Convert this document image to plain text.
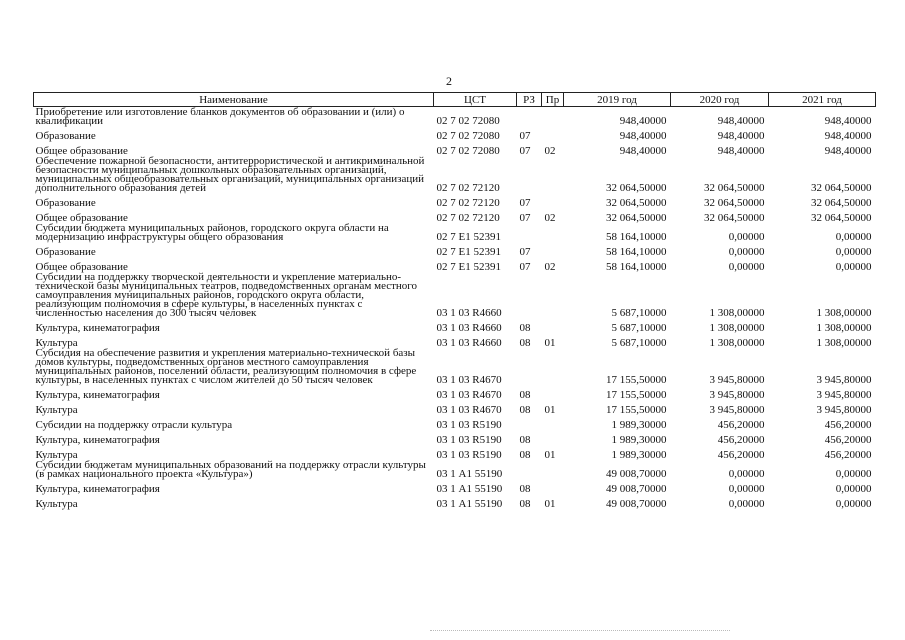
2
Наименование	ЦСТ	РЗ	Пр	2019 год	2020 год	2021 год
Приобретение или изготовление бланков документов об образовании и (или) о квалификации	02 7 02 72080			948,40000	948,40000	948,40000
Образование	02 7 02 72080	07		948,40000	948,40000	948,40000
Общее образование	02 7 02 72080	07	02	948,40000	948,40000	948,40000
Обеспечение пожарной безопасности, антитеррористической и антикриминальной безопасности муниципальных дошкольных образовательных организаций, муниципальных общеобразовательных организаций, муниципальных организаций дополнительного образования детей	02 7 02 72120			32 064,50000	32 064,50000	32 064,50000
Образование	02 7 02 72120	07		32 064,50000	32 064,50000	32 064,50000
Общее образование	02 7 02 72120	07	02	32 064,50000	32 064,50000	32 064,50000
Субсидии бюджета муниципальных районов, городского округа области на модернизацию инфраструктуры общего образования	02 7 Е1 52391			58 164,10000	0,00000	0,00000
Образование	02 7 Е1 52391	07		58 164,10000	0,00000	0,00000
Общее образование	02 7 Е1 52391	07	02	58 164,10000	0,00000	0,00000
Субсидии на поддержку творческой деятельности и укрепление материально-технической базы муниципальных театров, подведомственных органам местного самоуправления муниципальных районов, городского округа области, реализующим полномочия в сфере культуры, в населенных пунктах с численностью населения до 300 тысяч человек	03 1 03 R4660			5 687,10000	1 308,00000	1 308,00000
Культура, кинематография	03 1 03 R4660	08		5 687,10000	1 308,00000	1 308,00000
Культура	03 1 03 R4660	08	01	5 687,10000	1 308,00000	1 308,00000
Субсидия на обеспечение развития и укрепления материально-технической базы домов культуры, подведомственных органов местного самоуправления муниципальных районов, поселений области, реализующим полномочия в сфере культуры, в населенных пунктах с числом жителей до 50 тысяч человек	03 1 03 R4670			17 155,50000	3 945,80000	3 945,80000
Культура, кинематография	03 1 03 R4670	08		17 155,50000	3 945,80000	3 945,80000
Культура	03 1 03 R4670	08	01	17 155,50000	3 945,80000	3 945,80000
Субсидии на поддержку отрасли культура	03 1 03 R5190			1 989,30000	456,20000	456,20000
Культура, кинематография	03 1 03 R5190	08		1 989,30000	456,20000	456,20000
Культура	03 1 03 R5190	08	01	1 989,30000	456,20000	456,20000
Субсидии бюджетам муниципальных образований на поддержку отрасли культуры (в рамках национального проекта «Культура»)	03 1 А1 55190			49 008,70000	0,00000	0,00000
Культура, кинематография	03 1 А1 55190	08		49 008,70000	0,00000	0,00000
Культура	03 1 А1 55190	08	01	49 008,70000	0,00000	0,00000
